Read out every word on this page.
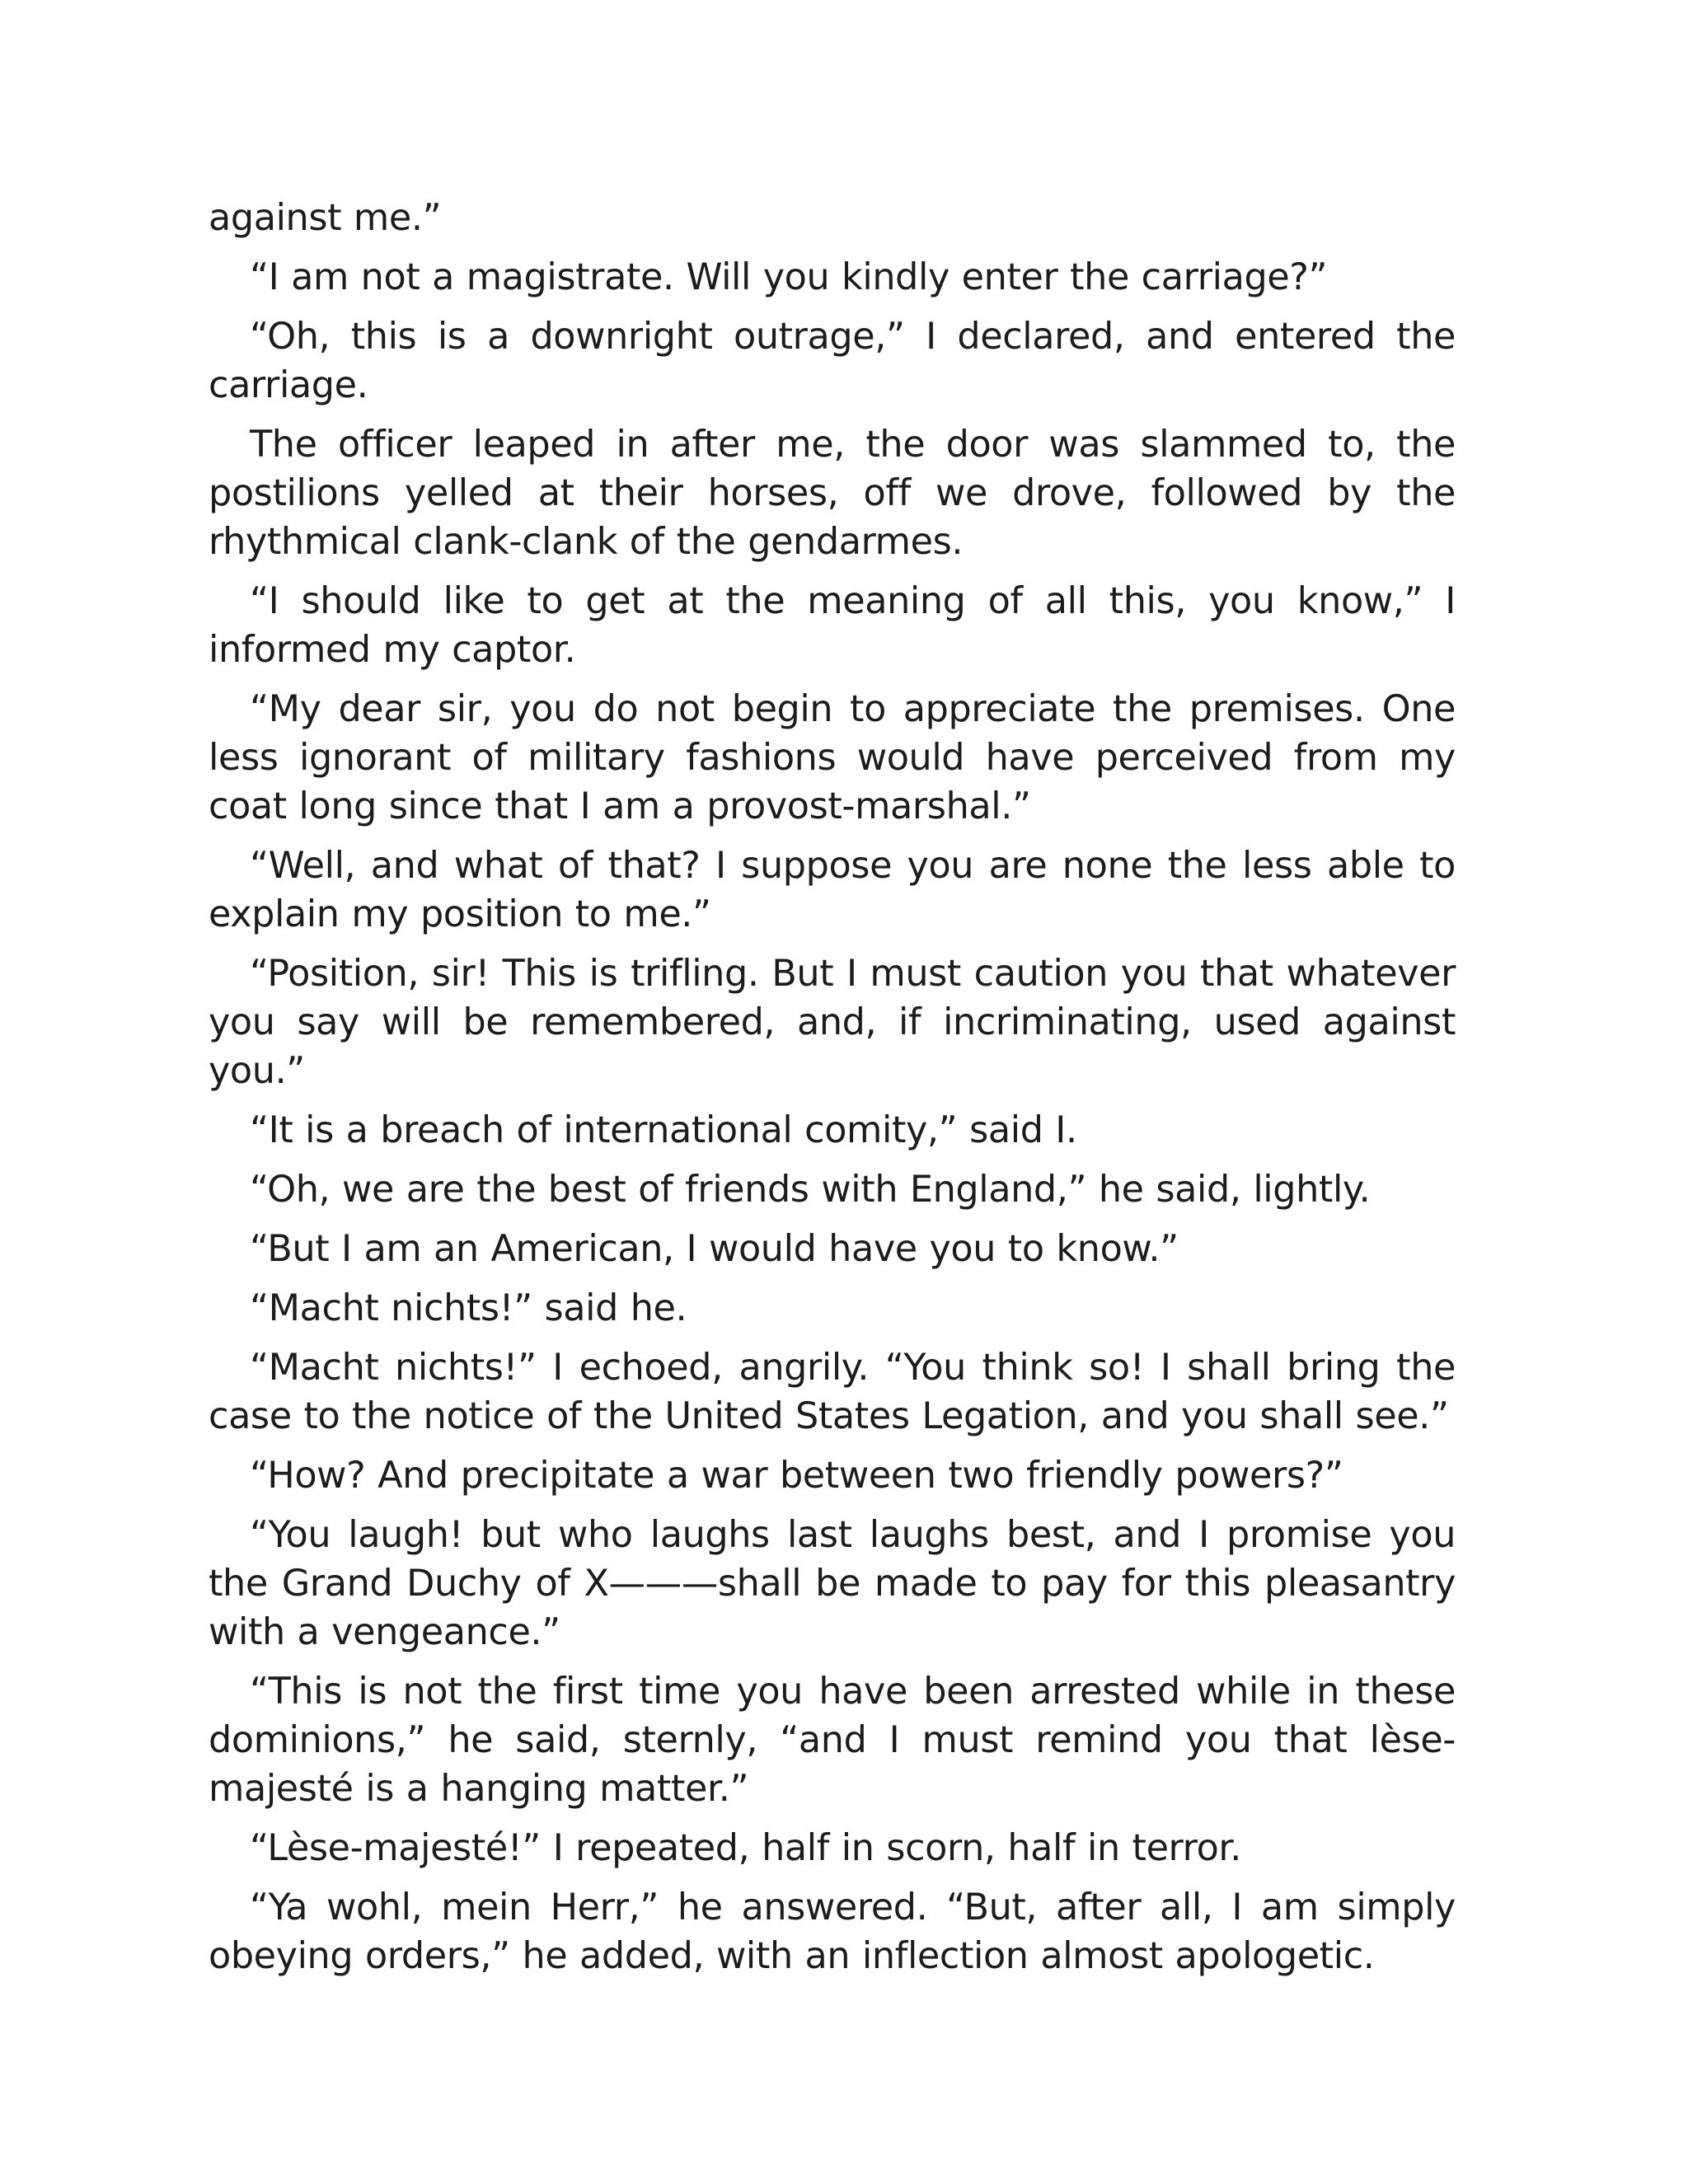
against me.”

“I am not a magistrate. Will you kindly enter the carriage?”

“Oh, this is a downright outrage,” I declared, and entered the carriage.

The officer leaped in after me, the door was slammed to, the postilions yelled at their horses, off we drove, followed by the rhythmical clank-clank of the gendarmes.

“I should like to get at the meaning of all this, you know,” I informed my captor.

“My dear sir, you do not begin to appreciate the premises. One less ignorant of military fashions would have perceived from my coat long since that I am a provost-marshal.”

“Well, and what of that? I suppose you are none the less able to explain my position to me.”

“Position, sir! This is trifling. But I must caution you that whatever you say will be remembered, and, if incriminating, used against you.”

“It is a breach of international comity,” said I.

“Oh, we are the best of friends with England,” he said, lightly.

“But I am an American, I would have you to know.”

“Macht nichts!” said he.

“Macht nichts!” I echoed, angrily. “You think so! I shall bring the case to the notice of the United States Legation, and you shall see.”

“How? And precipitate a war between two friendly powers?”

“You laugh! but who laughs last laughs best, and I promise you the Grand Duchy of X———shall be made to pay for this pleasantry with a vengeance.”

“This is not the first time you have been arrested while in these dominions,” he said, sternly, “and I must remind you that lèse-majesté is a hanging matter.”

“Lèse-majesté!” I repeated, half in scorn, half in terror.

“Ya wohl, mein Herr,” he answered. “But, after all, I am simply obeying orders,” he added, with an inflection almost apologetic.
